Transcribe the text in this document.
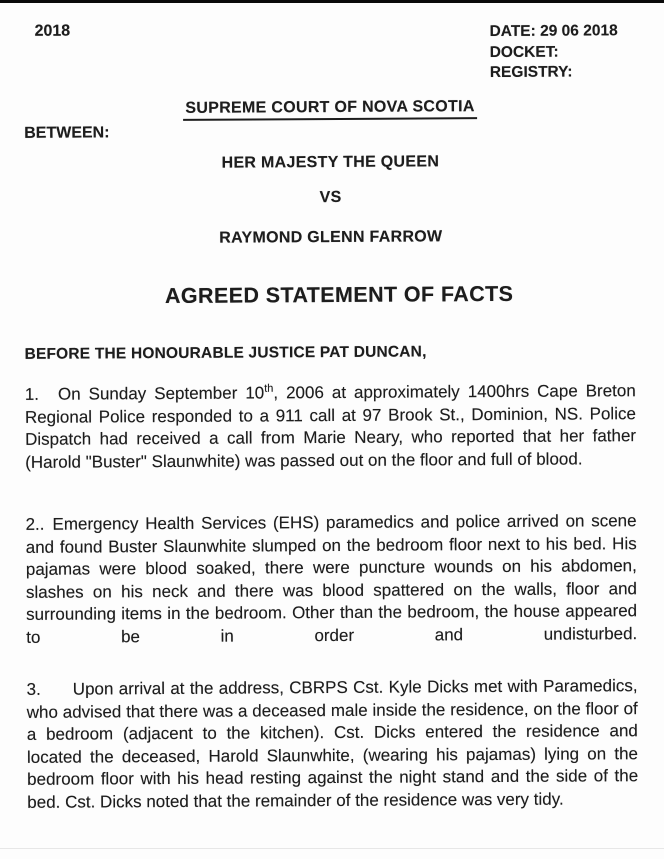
2018	DATE: 29 06 2018
DOCKET:
REGISTRY:
SUPREME COURT OF NOVA SCOTIA
BETWEEN:
HER MAJESTY THE QUEEN
VS
RAYMOND GLENN FARROW
AGREED STATEMENT OF FACTS
BEFORE THE HONOURABLE JUSTICE PAT DUNCAN,

1. On Sunday September 10th, 2006 at approximately 1400hrs Cape Breton Regional Police responded to a 911 call at 97 Brook St., Dominion, NS. Police Dispatch had received a call from Marie Neary, who reported that her father (Harold "Buster" Slaunwhite) was passed out on the floor and full of blood.

2.. Emergency Health Services (EHS) paramedics and police arrived on scene and found Buster Slaunwhite slumped on the bedroom floor next to his bed. His pajamas were blood soaked, there were puncture wounds on his abdomen, slashes on his neck and there was blood spattered on the walls, floor and surrounding items in the bedroom. Other than the bedroom, the house appeared to be in order and undisturbed.

3. Upon arrival at the address, CBRPS Cst. Kyle Dicks met with Paramedics, who advised that there was a deceased male inside the residence, on the floor of a bedroom (adjacent to the kitchen). Cst. Dicks entered the residence and located the deceased, Harold Slaunwhite, (wearing his pajamas) lying on the bedroom floor with his head resting against the night stand and the side of the bed. Cst. Dicks noted that the remainder of the residence was very tidy.
